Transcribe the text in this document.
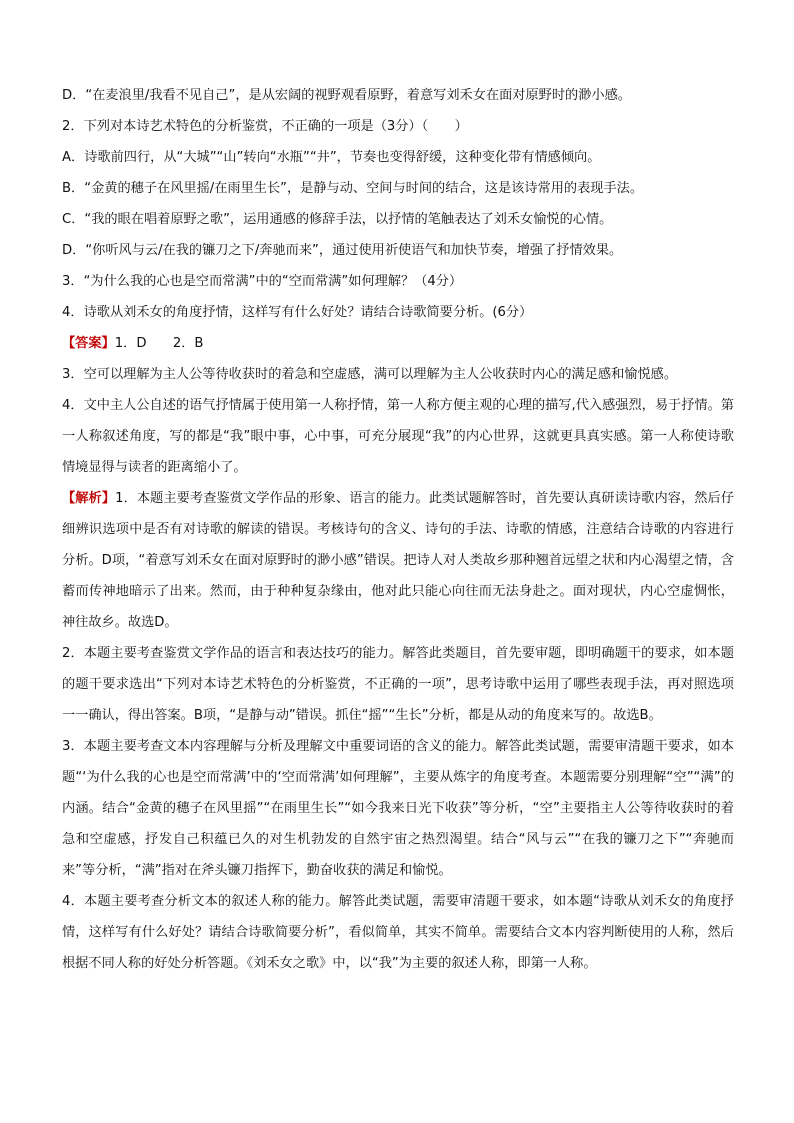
D．“在麦浪里/我看不见自己”，是从宏阔的视野观看原野，着意写刘禾女在面对原野时的渺小感。
2．下列对本诗艺术特色的分析鉴赏，不正确的一项是（3分）（　　）
A．诗歌前四行，从“大城”“山”转向“水瓶”“井”，节奏也变得舒缓，这种变化带有情感倾向。
B．“金黄的穗子在风里摇/在雨里生长”，是静与动、空间与时间的结合，这是该诗常用的表现手法。
C．“我的眼在唱着原野之歌”，运用通感的修辞手法，以抒情的笔触表达了刘禾女愉悦的心情。
D．“你听风与云/在我的镰刀之下/奔驰而来”，通过使用祈使语气和加快节奏，增强了抒情效果。
3．“为什么我的心也是空而常满”中的“空而常满”如何理解？（4分）
4．诗歌从刘禾女的角度抒情，这样写有什么好处？请结合诗歌简要分析。(6分）
【答案】1．D　　2．B
3．空可以理解为主人公等待收获时的着急和空虚感，满可以理解为主人公收获时内心的满足感和愉悦感。
4．文中主人公自述的语气抒情属于使用第一人称抒情，第一人称方便主观的心理的描写,代入感强烈，易于抒情。第一人称叙述角度，写的都是“我”眼中事，心中事，可充分展现“我”的内心世界，这就更具真实感。第一人称使诗歌情境显得与读者的距离缩小了。
【解析】1．本题主要考查鉴赏文学作品的形象、语言的能力。此类试题解答时，首先要认真研读诗歌内容，然后仔细辨识选项中是否有对诗歌的解读的错误。考核诗句的含义、诗句的手法、诗歌的情感，注意结合诗歌的内容进行分析。D项，“着意写刘禾女在面对原野时的渺小感”错误。把诗人对人类故乡那种翘首远望之状和内心渴望之情，含蓄而传神地暗示了出来。然而，由于种种复杂缘由，他对此只能心向往而无法身赴之。面对现状，内心空虚惆怅，神往故乡。故选D。
2．本题主要考查鉴赏文学作品的语言和表达技巧的能力。解答此类题目，首先要审题，即明确题干的要求，如本题的题干要求选出“下列对本诗艺术特色的分析鉴赏，不正确的一项”，思考诗歌中运用了哪些表现手法，再对照选项一一确认，得出答案。B项，“是静与动”错误。抓住“摇”“生长”分析，都是从动的角度来写的。故选B。
3．本题主要考查文本内容理解与分析及理解文中重要词语的含义的能力。解答此类试题，需要审清题干要求，如本题“‘为什么我的心也是空而常满’中的‘空而常满’如何理解”，主要从炼字的角度考查。本题需要分别理解“空”“满”的内涵。结合“金黄的穗子在风里摇”“在雨里生长”“如今我来日光下收获”等分析，“空”主要指主人公等待收获时的着急和空虚感，抒发自己积蕴已久的对生机勃发的自然宇宙之热烈渴望。结合“风与云”“在我的镰刀之下”“奔驰而来”等分析，“满”指对在斧头镰刀指挥下，勤奋收获的满足和愉悦。
4．本题主要考查分析文本的叙述人称的能力。解答此类试题，需要审清题干要求，如本题“诗歌从刘禾女的角度抒情，这样写有什么好处？请结合诗歌简要分析”，看似简单，其实不简单。需要结合文本内容判断使用的人称，然后根据不同人称的好处分析答题。《刘禾女之歌》中，以“我”为主要的叙述人称，即第一人称。
